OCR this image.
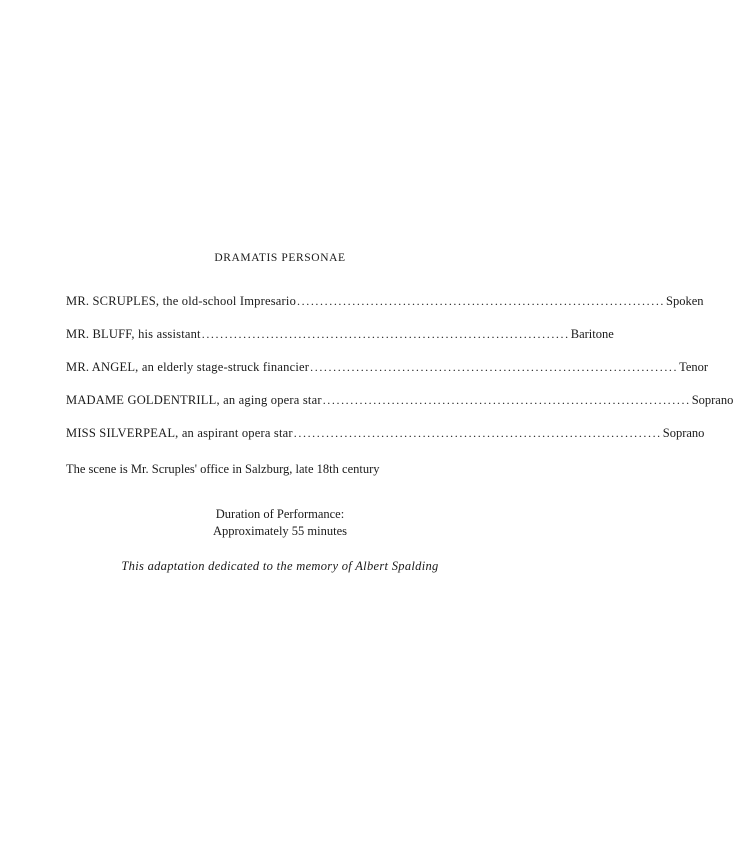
DRAMATIS PERSONAE
MR. SCRUPLES, the old-school Impresario ................................................................................ Spoken
MR. BLUFF, his assistant ................................................................................ Baritone
MR. ANGEL, an elderly stage-struck financier ................................................................................ Tenor
MADAME GOLDENTRILL, an aging opera star ................................................................................ Soprano
MISS SILVERPEAL, an aspirant opera star ................................................................................ Soprano
The scene is Mr. Scruples' office in Salzburg, late 18th century
Duration of Performance:
Approximately 55 minutes
This adaptation dedicated to the memory of Albert Spalding
